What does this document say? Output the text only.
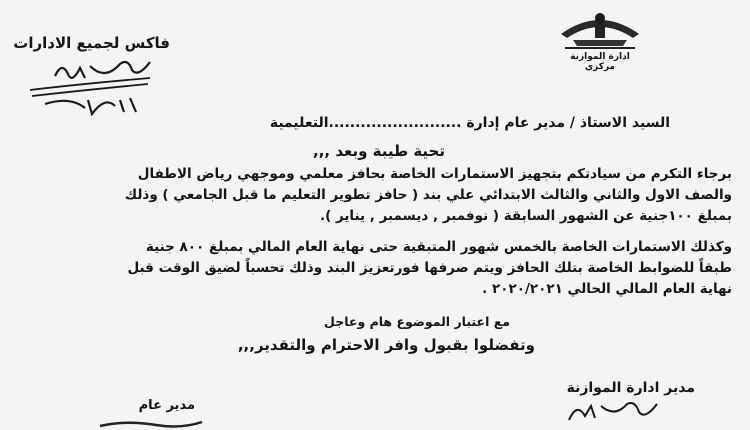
ادارة الموازنة مركزي
فاكس لجميع الادارات
السيد الاستاذ / مدير عام إدارة .........................التعليمية
تحية طيبة وبعد ,,,
برجاء التكرم من سيادتكم بتجهيز الاستمارات الخاصة بحافز معلمي وموجهي رياض الاطفال
والصف الاول والثاني والثالث الابتدائي علي بند ( حافز تطوير التعليم ما قبل الجامعي ) وذلك
بمبلغ ١٠٠جنية عن الشهور السابقة ( نوفمبر , ديسمبر , يناير ).
وكذلك الاستمارات الخاصة بالخمس شهور المتبقية حتى نهاية العام المالي بمبلغ ٨٠٠ جنية
طبقاً للضوابط الخاصة بتلك الحافز ويتم صرفها فورتعزيز البند وذلك تحسباً لضيق الوقت قبل
نهاية العام المالي الحالي ٢٠٢٠/٢٠٢١ .
مع اعتبار الموضوع هام وعاجل
وتفضلوا بقبول وافر الاحترام والتقدير,,,
مدير ادارة الموازنة
مدير عام
